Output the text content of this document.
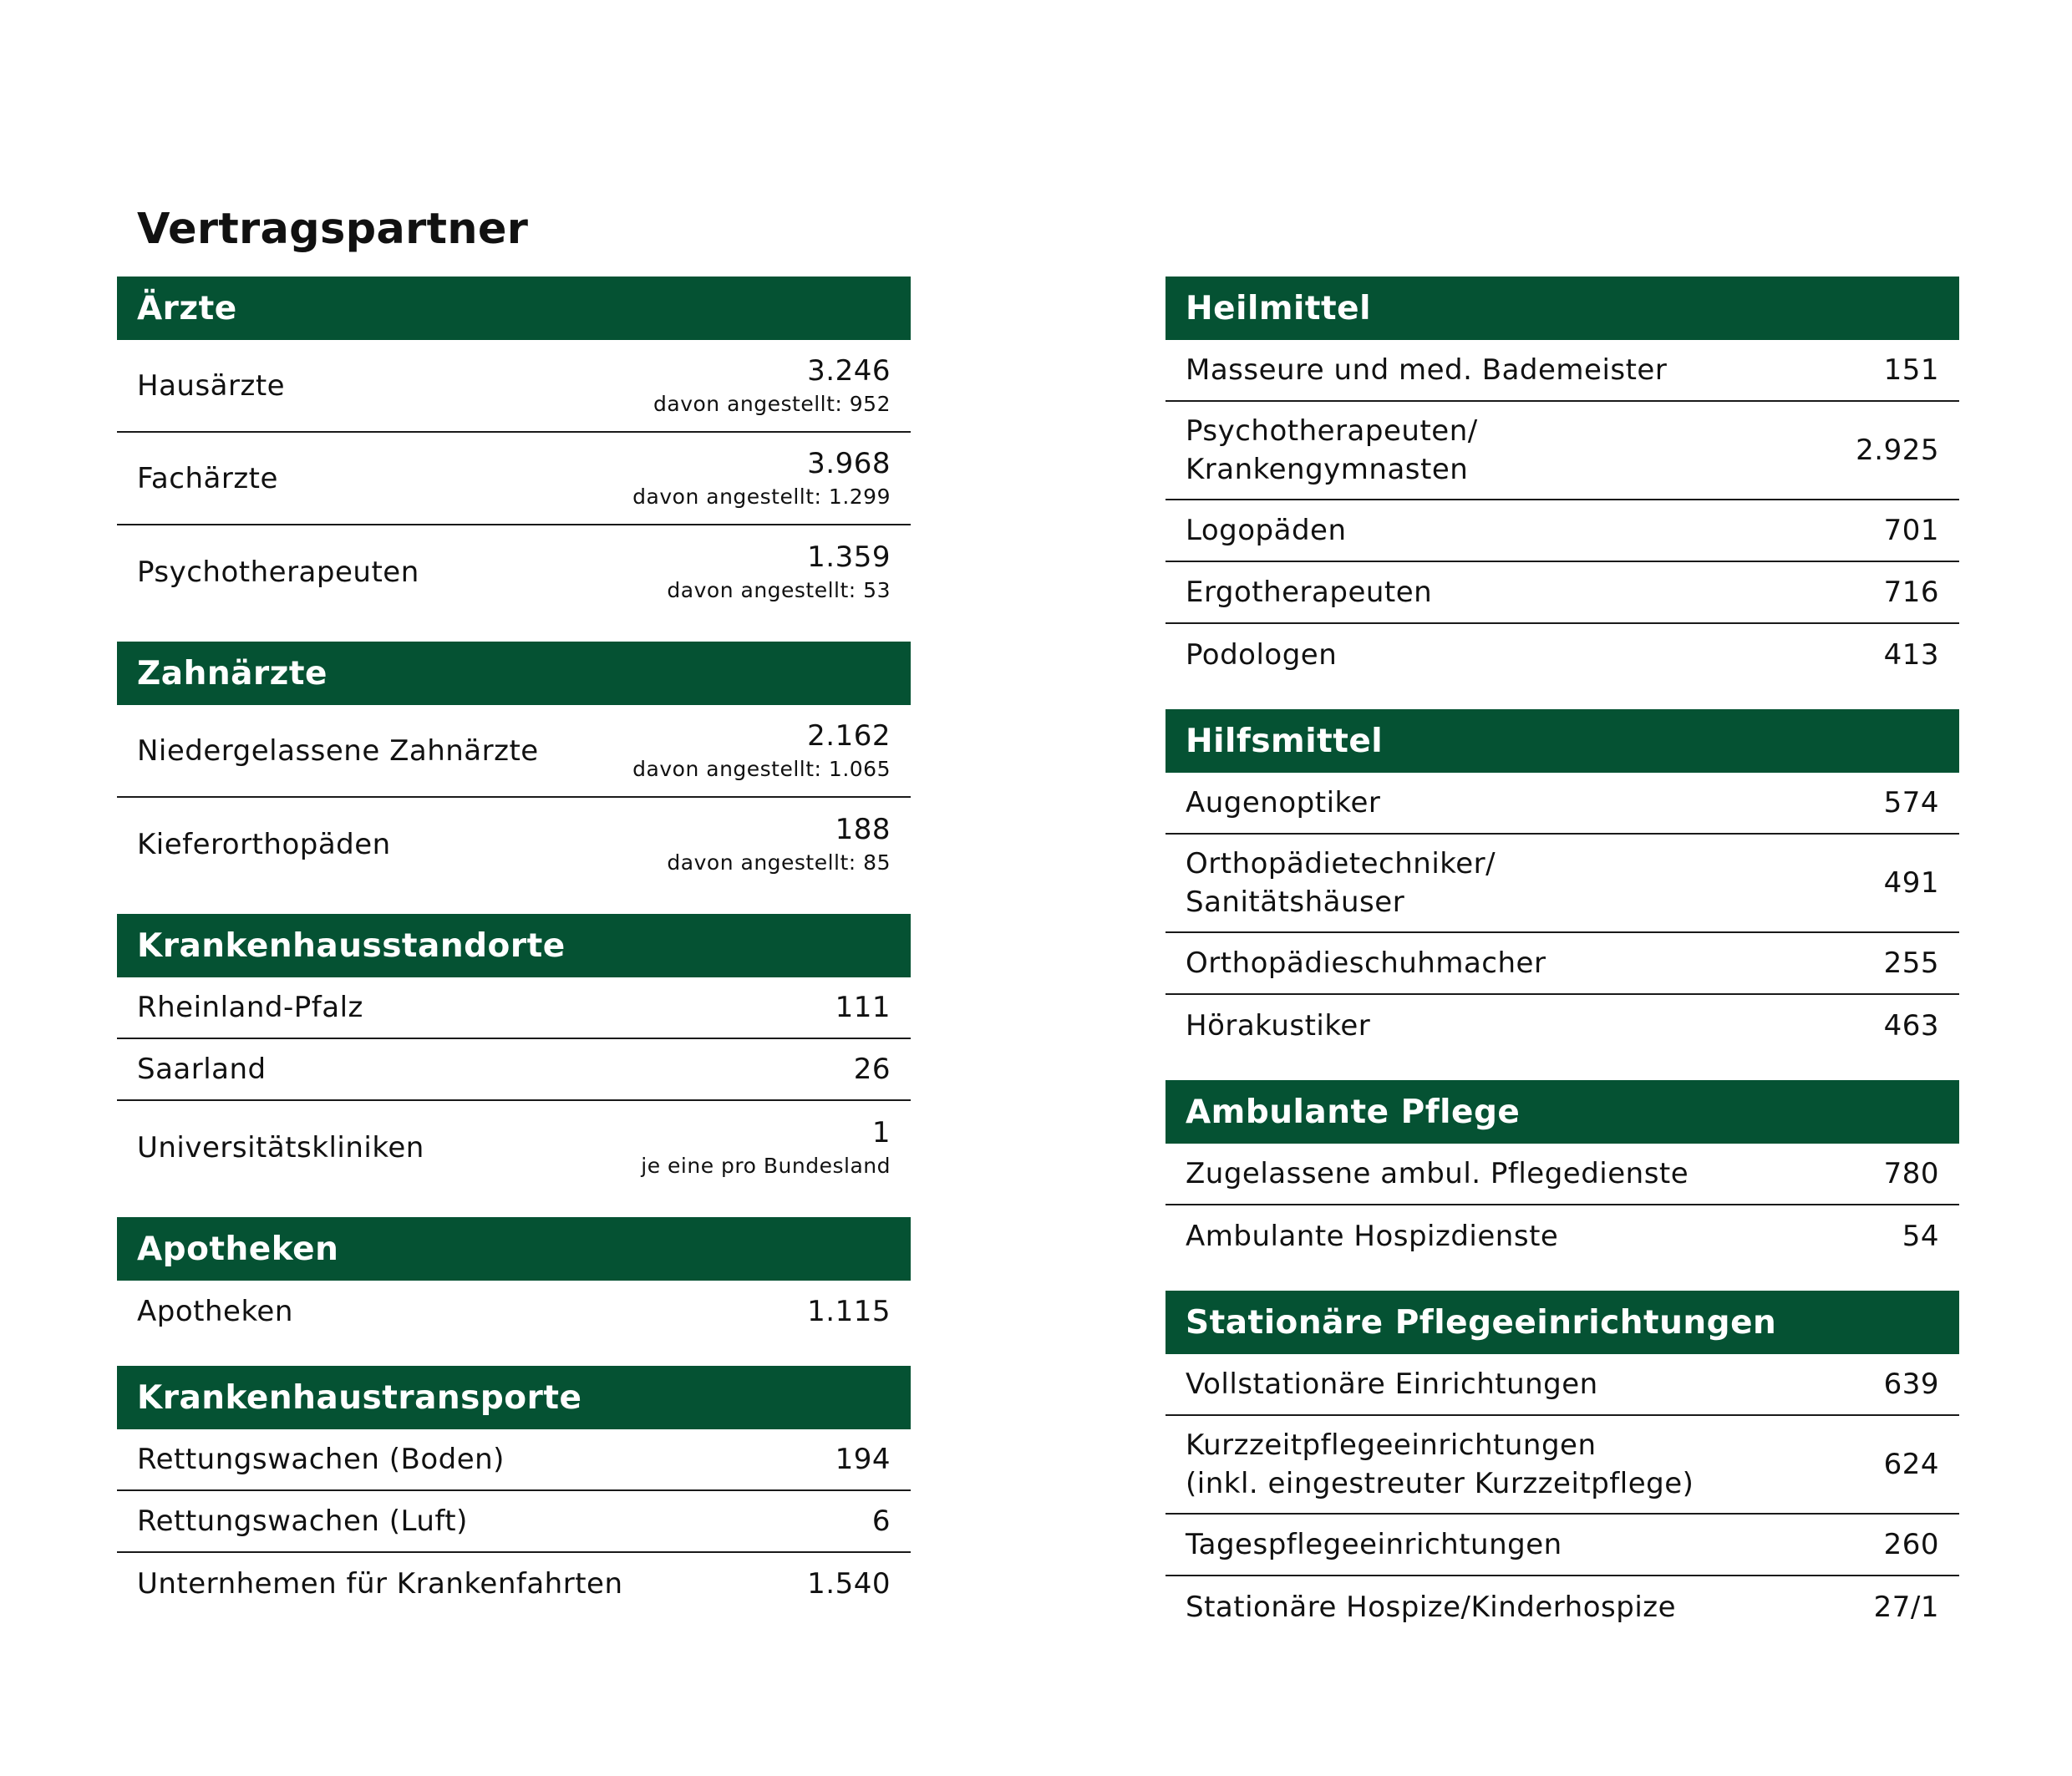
Vertragspartner
Ärzte
Hausärzte	3.246
davon angestellt: 952
Fachärzte	3.968
davon angestellt: 1.299
Psychotherapeuten	1.359
davon angestellt: 53
Zahnärzte
Niedergelassene Zahnärzte	2.162
davon angestellt: 1.065
Kieferorthopäden	188
davon angestellt: 85
Krankenhausstandorte
Rheinland-Pfalz	111
Saarland	26
Universitätskliniken	1
je eine pro Bundesland
Apotheken
Apotheken	1.115
Krankenhaustransporte
Rettungswachen (Boden)	194
Rettungswachen (Luft)	6
Unternhemen für Krankenfahrten	1.540
Heilmittel
Masseure und med. Bademeister	151
Psychotherapeuten/
Krankengymnasten
2.925
Logopäden	701
Ergotherapeuten	716
Podologen	413
Hilfsmittel
Augenoptiker	574
Orthopädietechniker/
Sanitätshäuser
491
Orthopädieschuhmacher	255
Hörakustiker	463
Ambulante Pflege
Zugelassene ambul. Pflegedienste	780
Ambulante Hospizdienste	54
Stationäre Pflegeeinrichtungen
Vollstationäre Einrichtungen	639
Kurzzeitpflegeeinrichtungen
(inkl. eingestreuter Kurzzeitpflege)
624
Tagespflegeeinrichtungen	260
Stationäre Hospize/Kinderhospize	27/1
